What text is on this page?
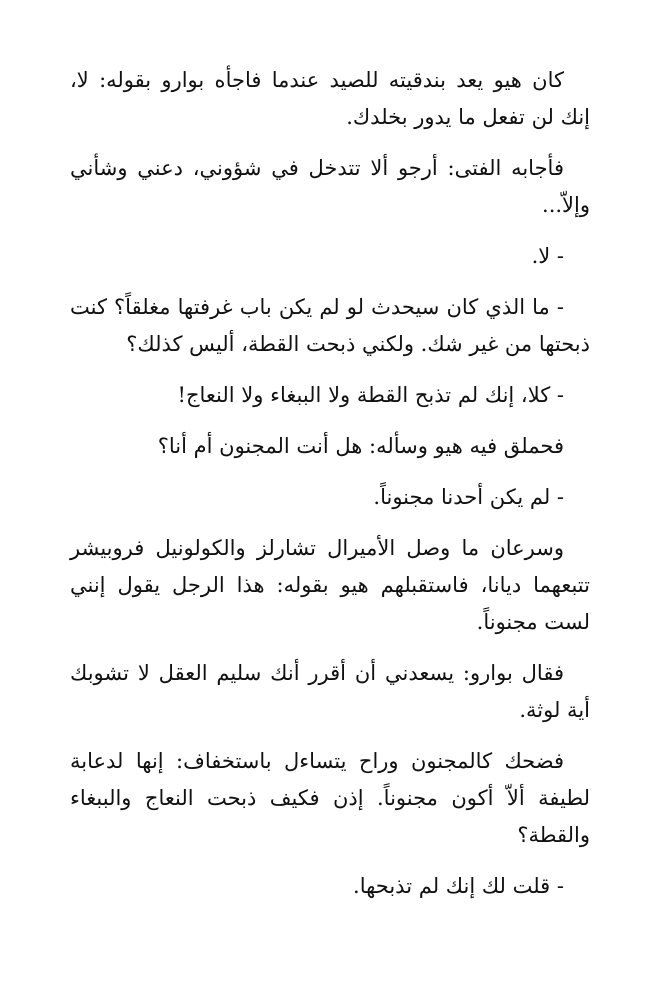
كان هيو يعد بندقيته للصيد عندما فاجأه بوارو بقوله: لا، إنك لن تفعل ما يدور بخلدك.

فأجابه الفتى: أرجو ألا تتدخل في شؤوني، دعني وشأني وإلاّ...

- لا.

- ما الذي كان سيحدث لو لم يكن باب غرفتها مغلقاً؟ كنت ذبحتها من غير شك. ولكني ذبحت القطة، أليس كذلك؟

- كلا، إنك لم تذبح القطة ولا الببغاء ولا النعاج!

فحملق فيه هيو وسأله: هل أنت المجنون أم أنا؟

- لم يكن أحدنا مجنوناً.

وسرعان ما وصل الأميرال تشارلز والكولونيل فروبيشر تتبعهما ديانا، فاستقبلهم هيو بقوله: هذا الرجل يقول إنني لست مجنوناً.

فقال بوارو: يسعدني أن أقرر أنك سليم العقل لا تشوبك أية لوثة.

فضحك كالمجنون وراح يتساءل باستخفاف: إنها لدعابة لطيفة ألاّ أكون مجنوناً. إذن فكيف ذبحت النعاج والببغاء والقطة؟

- قلت لك إنك لم تذبحها.
